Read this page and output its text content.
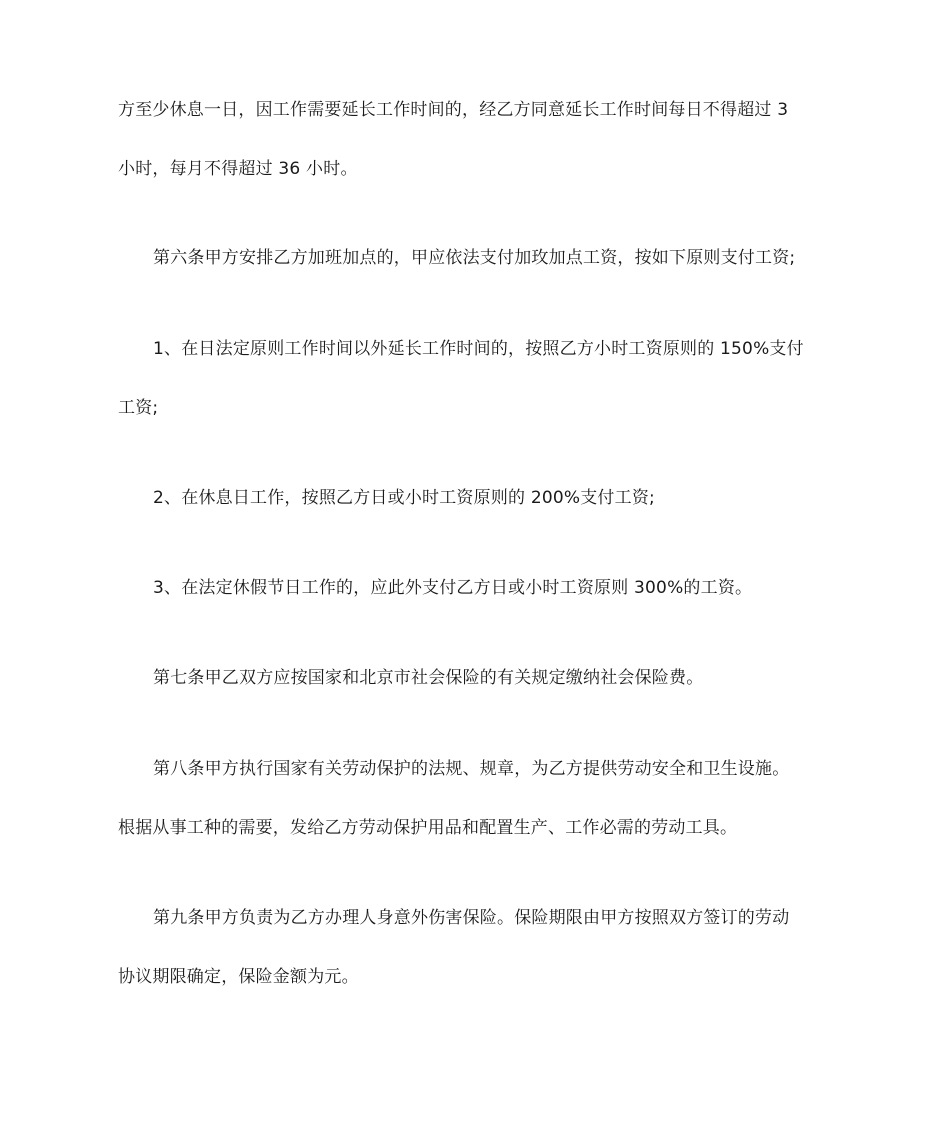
方至少休息一日，因工作需要延长工作时间的，经乙方同意延长工作时间每日不得超过 3
小时，每月不得超过 36 小时。
第六条甲方安排乙方加班加点的，甲应依法支付加玫加点工资，按如下原则支付工资;
1、在日法定原则工作时间以外延长工作时间的，按照乙方小时工资原则的 150%支付
工资;
2、在休息日工作，按照乙方日或小时工资原则的 200%支付工资;
3、在法定休假节日工作的，应此外支付乙方日或小时工资原则 300%的工资。
第七条甲乙双方应按国家和北京市社会保险的有关规定缴纳社会保险费。
第八条甲方执行国家有关劳动保护的法规、规章，为乙方提供劳动安全和卫生设施。
根据从事工种的需要，发给乙方劳动保护用品和配置生产、工作必需的劳动工具。
第九条甲方负责为乙方办理人身意外伤害保险。保险期限由甲方按照双方签订的劳动
协议期限确定，保险金额为元。
